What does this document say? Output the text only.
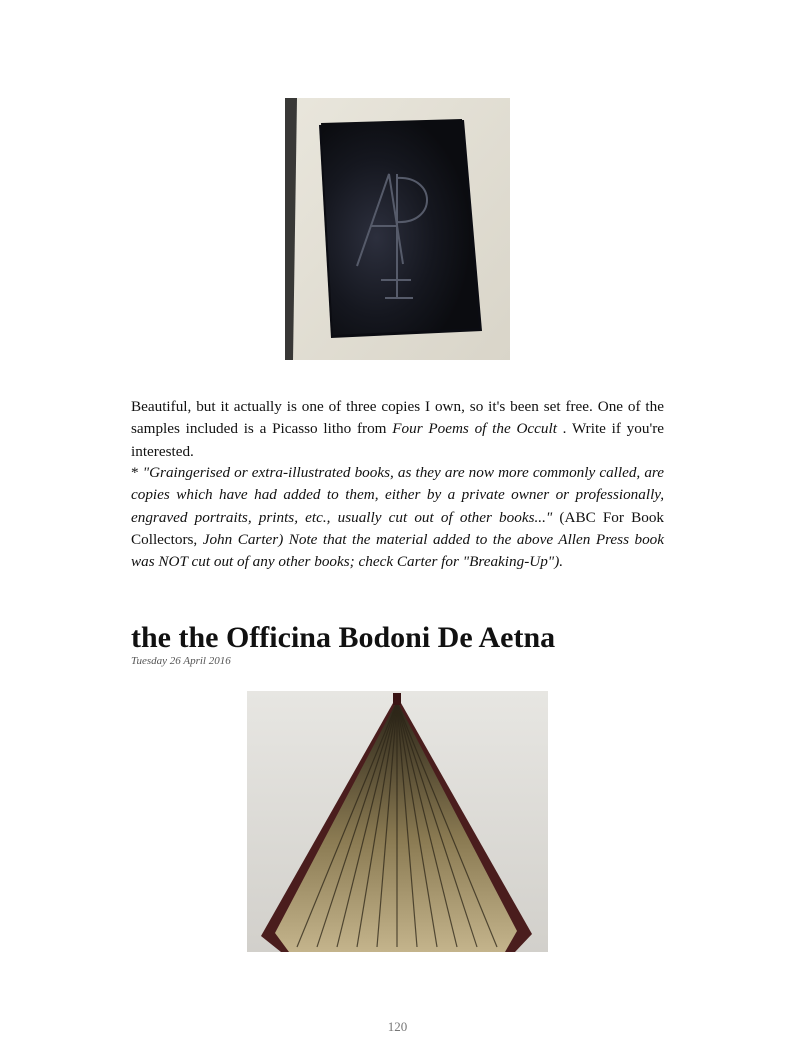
Beautiful, but it actually is one of three copies I own, so it's been set free. One of the samples included is a Picasso litho from Four Poems of the Occult . Write if you're interested.

* "Graingerised or extra-illustrated books, as they are now more commonly called, are copies which have had added to them, either by a private owner or professionally, engraved portraits, prints, etc., usually cut out of other books..." (ABC For Book Collectors, John Carter) Note that the material added to the above Allen Press book was NOT cut out of any other books; check Carter for "Breaking-Up").

the the Officina Bodoni De Aetna
Tuesday 26 April 2016
120
